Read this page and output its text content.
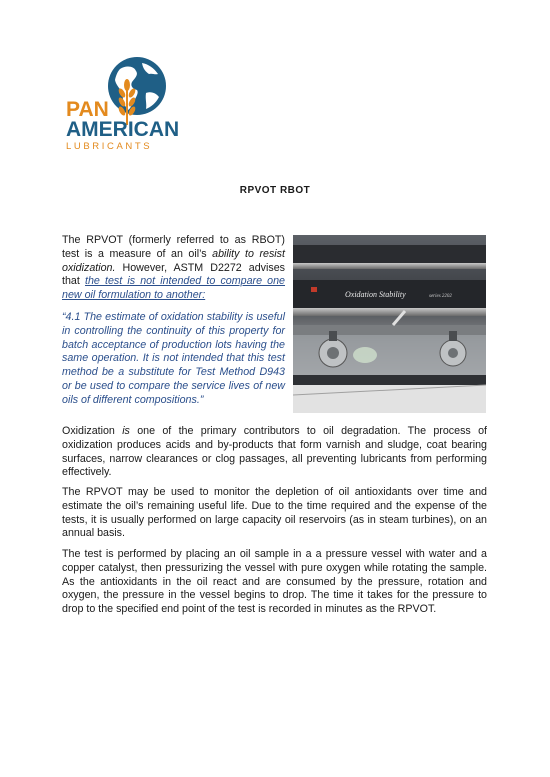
PAN
AMERICAN
LUBRICANTS
RPVOT RBOT
The RPVOT (formerly referred to as RBOT) test is a measure of an oil’s ability to resist oxidization. However, ASTM D2272 advises that the test is not intended to compare one new oil formulation to another:
“4.1 The estimate of oxidation stability is useful in controlling the continuity of this property for batch acceptance of production lots having the same operation. It is not intended that this test method be a substitute for Test Method D943 or be used to compare the service lives of new oils of different compositions.”
Oxidation Stability	series 2202
Oxidization is one of the primary contributors to oil degradation. The process of oxidization produces acids and by-products that form varnish and sludge, coat bearing surfaces, narrow clearances or clog passages, all preventing lubricants from performing effectively.
The RPVOT may be used to monitor the depletion of oil antioxidants over time and estimate the oil’s remaining useful life. Due to the time required and the expense of the tests, it is usually performed on large capacity oil reservoirs (as in steam turbines), on an annual basis.
The test is performed by placing an oil sample in a a pressure vessel with water and a copper catalyst, then pressurizing the vessel with pure oxygen while rotating the sample. As the antioxidants in the oil react and are consumed by the pressure, rotation and oxygen, the pressure in the vessel begins to drop. The time it takes for the pressure to drop to the specified end point of the test is recorded in minutes as the RPVOT.
